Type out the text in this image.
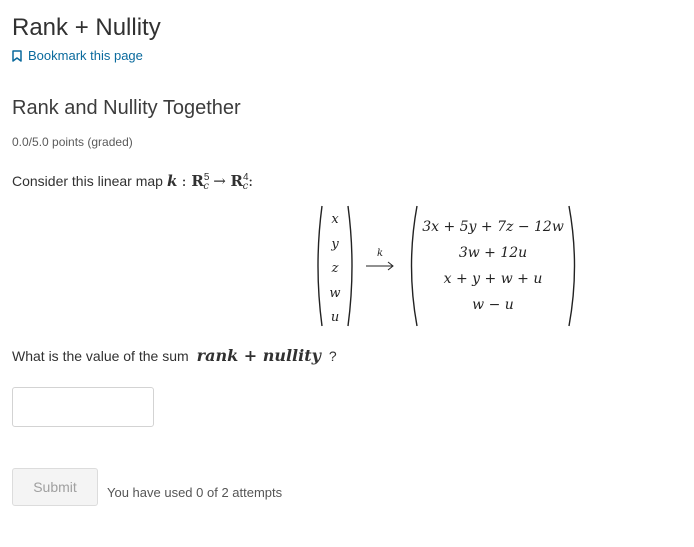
Rank + Nullity
Bookmark this page
Rank and Nullity Together
0.0/5.0 points (graded)
Consider this linear map k : $R^5_c \to R^4_c$:
x
y
z
w
u
k
3x + 5y + 7z − 12w
3w + 12u
x + y + w + u
w − u
What is the value of the sum rank + nullity ?
Submit	You have used 0 of 2 attempts
